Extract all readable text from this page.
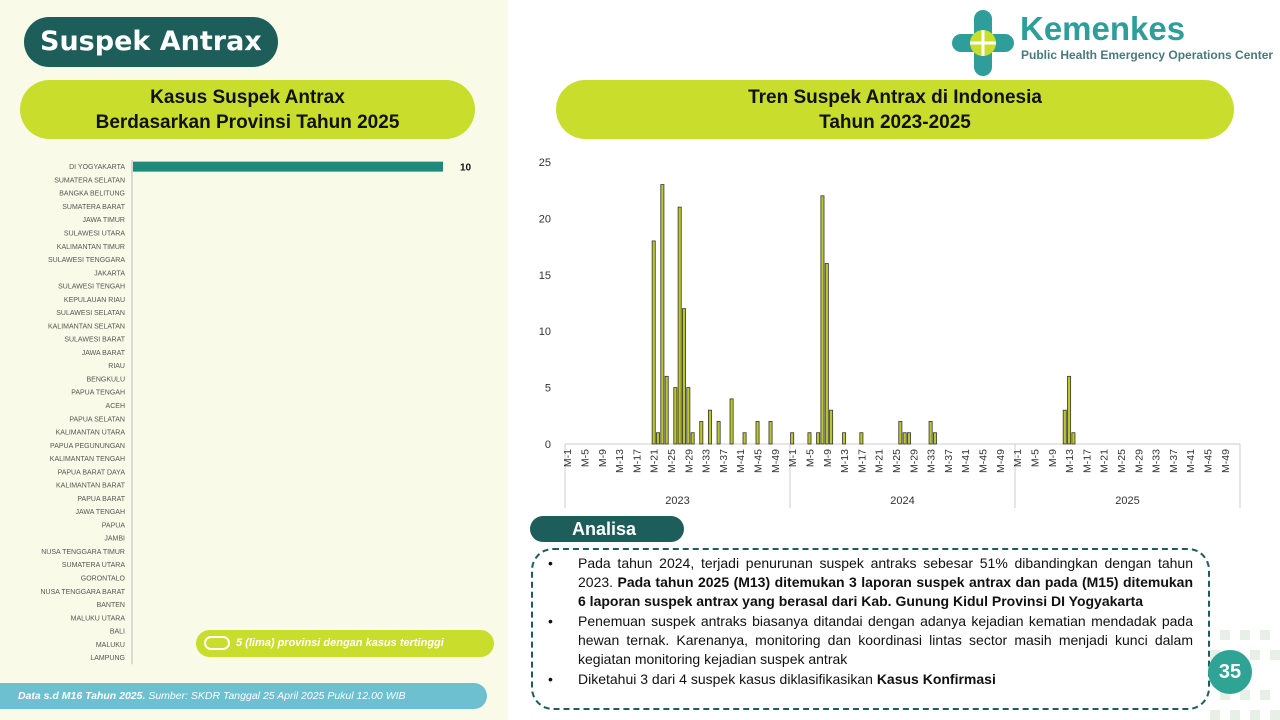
Suspek Antrax
Kasus Suspek Antrax
Berdasarkan Provinsi Tahun 2025
Tren Suspek Antrax di Indonesia
Tahun 2023-2025
Kemenkes
Public Health Emergency Operations Center
DI YOGYAKARTA
SUMATERA SELATAN
BANGKA BELITUNG
SUMATERA BARAT
JAWA TIMUR
SULAWESI UTARA
KALIMANTAN TIMUR
SULAWESI TENGGARA
JAKARTA
SULAWESI TENGAH
KEPULAUAN RIAU
SULAWESI SELATAN
KALIMANTAN SELATAN
SULAWESI BARAT
JAWA BARAT
RIAU
BENGKULU
PAPUA TENGAH
ACEH
PAPUA SELATAN
KALIMANTAN UTARA
PAPUA PEGUNUNGAN
KALIMANTAN TENGAH
PAPUA BARAT DAYA
KALIMANTAN BARAT
PAPUA BARAT
JAWA TENGAH
PAPUA
JAMBI
NUSA TENGGARA TIMUR
SUMATERA UTARA
GORONTALO
NUSA TENGGARA BARAT
BANTEN
MALUKU UTARA
BALI
MALUKU
LAMPUNG
10
5 (lima) provinsi dengan kasus tertinggi
Data s.d M16 Tahun 2025. Sumber: SKDR Tanggal 25 April 2025 Pukul 12.00 WIB
0
5
10
15
20
25
M-1 M-5 M-9 M-13 M-17 M-21 M-25 M-29 M-33 M-37 M-41 M-45 M-49
2023
M-1 M-5 M-9 M-13 M-17 M-21 M-25 M-29 M-33 M-37 M-41 M-45 M-49
2024
M-1 M-5 M-9 M-13 M-17 M-21 M-25 M-29 M-33 M-37 M-41 M-45 M-49
2025
Analisa
• Pada tahun 2024, terjadi penurunan suspek antraks sebesar 51% dibandingkan dengan tahun 2023. Pada tahun 2025 (M13) ditemukan 3 laporan suspek antrax dan pada (M15) ditemukan 6 laporan suspek antrax yang berasal dari Kab. Gunung Kidul Provinsi DI Yogyakarta
• Penemuan suspek antraks biasanya ditandai dengan adanya kejadian kematian mendadak pada hewan ternak. Karenanya, monitoring dan koordinasi lintas sector masih menjadi kunci dalam kegiatan monitoring kejadian suspek antrak
• Diketahui 3 dari 4 suspek kasus diklasifikasikan Kasus Konfirmasi	35
